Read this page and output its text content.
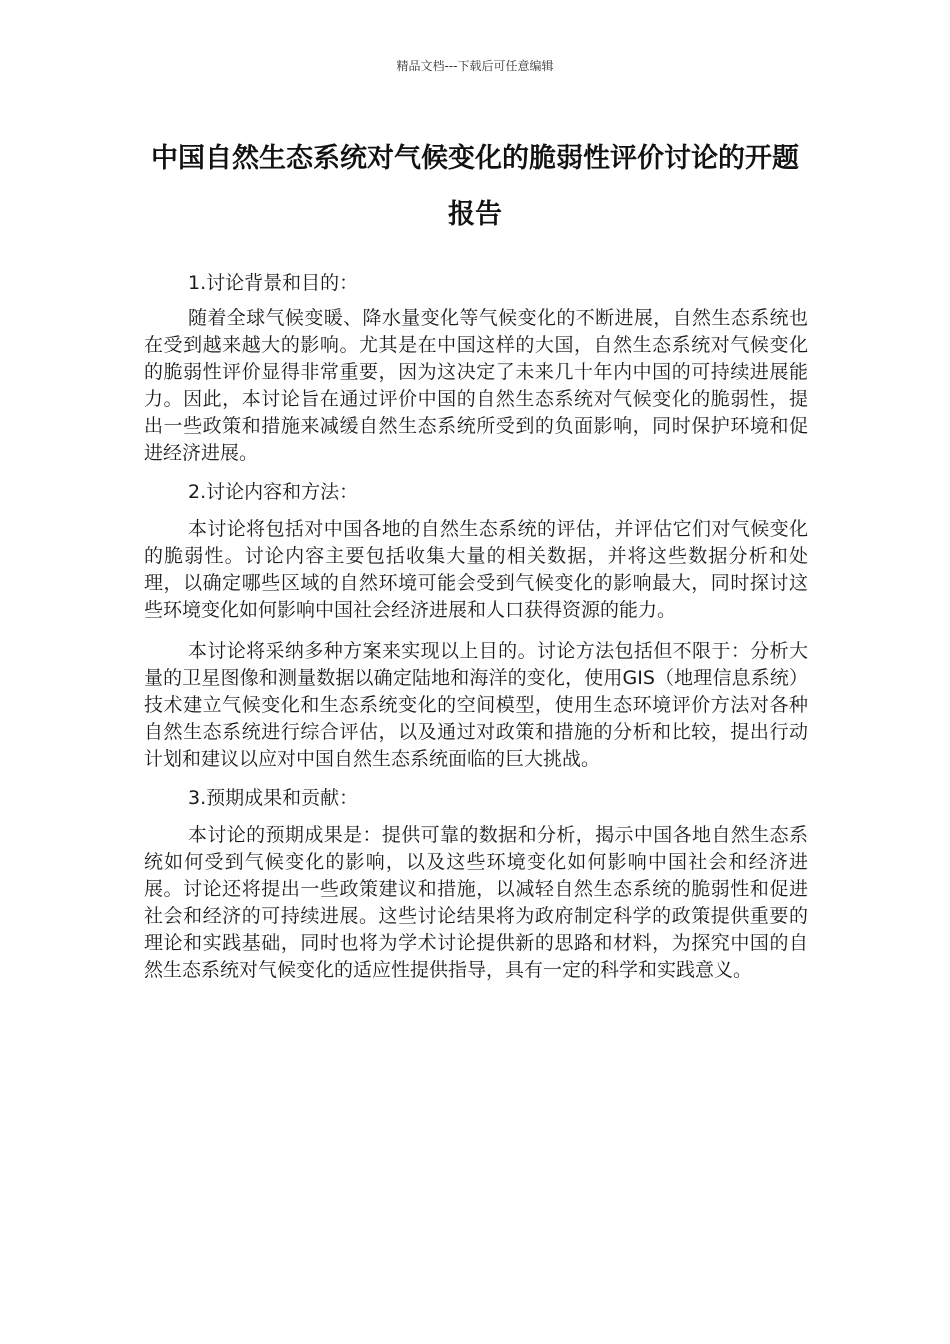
精品文档---下载后可任意编辑
中国自然生态系统对气候变化的脆弱性评价讨论的开题报告

1.讨论背景和目的：

随着全球气候变暖、降水量变化等气候变化的不断进展，自然生态系统也在受到越来越大的影响。尤其是在中国这样的大国，自然生态系统对气候变化的脆弱性评价显得非常重要，因为这决定了未来几十年内中国的可持续进展能力。因此，本讨论旨在通过评价中国的自然生态系统对气候变化的脆弱性，提出一些政策和措施来减缓自然生态系统所受到的负面影响，同时保护环境和促进经济进展。

2.讨论内容和方法：

本讨论将包括对中国各地的自然生态系统的评估，并评估它们对气候变化的脆弱性。讨论内容主要包括收集大量的相关数据，并将这些数据分析和处理，以确定哪些区域的自然环境可能会受到气候变化的影响最大，同时探讨这些环境变化如何影响中国社会经济进展和人口获得资源的能力。

本讨论将采纳多种方案来实现以上目的。讨论方法包括但不限于：分析大量的卫星图像和测量数据以确定陆地和海洋的变化，使用GIS（地理信息系统）技术建立气候变化和生态系统变化的空间模型，使用生态环境评价方法对各种自然生态系统进行综合评估，以及通过对政策和措施的分析和比较，提出行动计划和建议以应对中国自然生态系统面临的巨大挑战。

3.预期成果和贡献：

本讨论的预期成果是：提供可靠的数据和分析，揭示中国各地自然生态系统如何受到气候变化的影响，以及这些环境变化如何影响中国社会和经济进展。讨论还将提出一些政策建议和措施，以减轻自然生态系统的脆弱性和促进社会和经济的可持续进展。这些讨论结果将为政府制定科学的政策提供重要的理论和实践基础，同时也将为学术讨论提供新的思路和材料，为探究中国的自然生态系统对气候变化的适应性提供指导，具有一定的科学和实践意义。
